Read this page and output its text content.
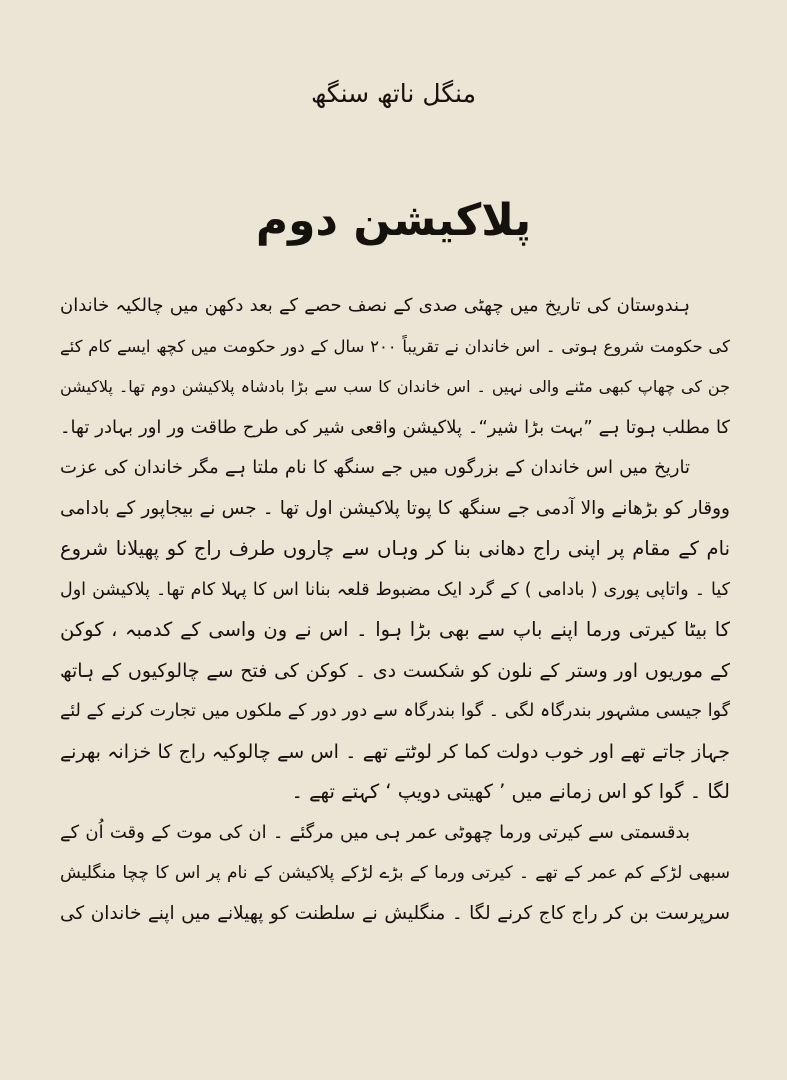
منگل ناتھ سنگھ
پلاکیشن دوم
ہندوستان کی تاریخ میں چھٹی صدی کے نصف حصے کے بعد دکھن میں چالکیہ خاندان
کی حکومت شروع ہوتی ۔ اس خاندان نے تقریباً ۲۰۰ سال کے دور حکومت میں کچھ ایسے کام کئے
جن کی چھاپ کبھی مٹنے والی نہیں ۔ اس خاندان کا سب سے بڑا بادشاہ پلاکیشن دوم تھا۔ پلاکیشن
کا مطلب ہوتا ہے ”بہت بڑا شیر“۔ پلاکیشن واقعی شیر کی طرح طاقت ور اور بہادر تھا۔
تاریخ میں اس خاندان کے بزرگوں میں جے سنگھ کا نام ملتا ہے مگر خاندان کی عزت
ووقار کو بڑھانے والا آدمی جے سنگھ کا پوتا پلاکیشن اول تھا ۔ جس نے بیجاپور کے بادامی
نام کے مقام پر اپنی راج دھانی بنا کر وہاں سے چاروں طرف راج کو پھیلانا شروع
کیا ۔ واتاپی پوری ( بادامی ) کے گرد ایک مضبوط قلعہ بنانا اس کا پہلا کام تھا۔ پلاکیشن اول
کا بیٹا کیرتی ورما اپنے باپ سے بھی بڑا ہوا ۔ اس نے ون واسی کے کدمبہ ، کوکن
کے موریوں اور وستر کے نلون کو شکست دی ۔ کوکن کی فتح سے چالوکیوں کے ہاتھ
گوا جیسی مشہور بندرگاہ لگی ۔ گوا بندرگاہ سے دور دور کے ملکوں میں تجارت کرنے کے لئے
جہاز جاتے تھے اور خوب دولت کما کر لوٹتے تھے ۔ اس سے چالوکیہ راج کا خزانہ بھرنے
لگا ۔ گوا کو اس زمانے میں ’ کھیتی دویپ ‘ کہتے تھے ۔
بدقسمتی سے کیرتی ورما چھوٹی عمر ہی میں مرگئے ۔ ان کی موت کے وقت اُن کے
سبھی لڑکے کم عمر کے تھے ۔ کیرتی ورما کے بڑے لڑکے پلاکیشن کے نام پر اس کا چچا منگلیش
سرپرست بن کر راج کاج کرنے لگا ۔ منگلیش نے سلطنت کو پھیلانے میں اپنے خاندان کی
